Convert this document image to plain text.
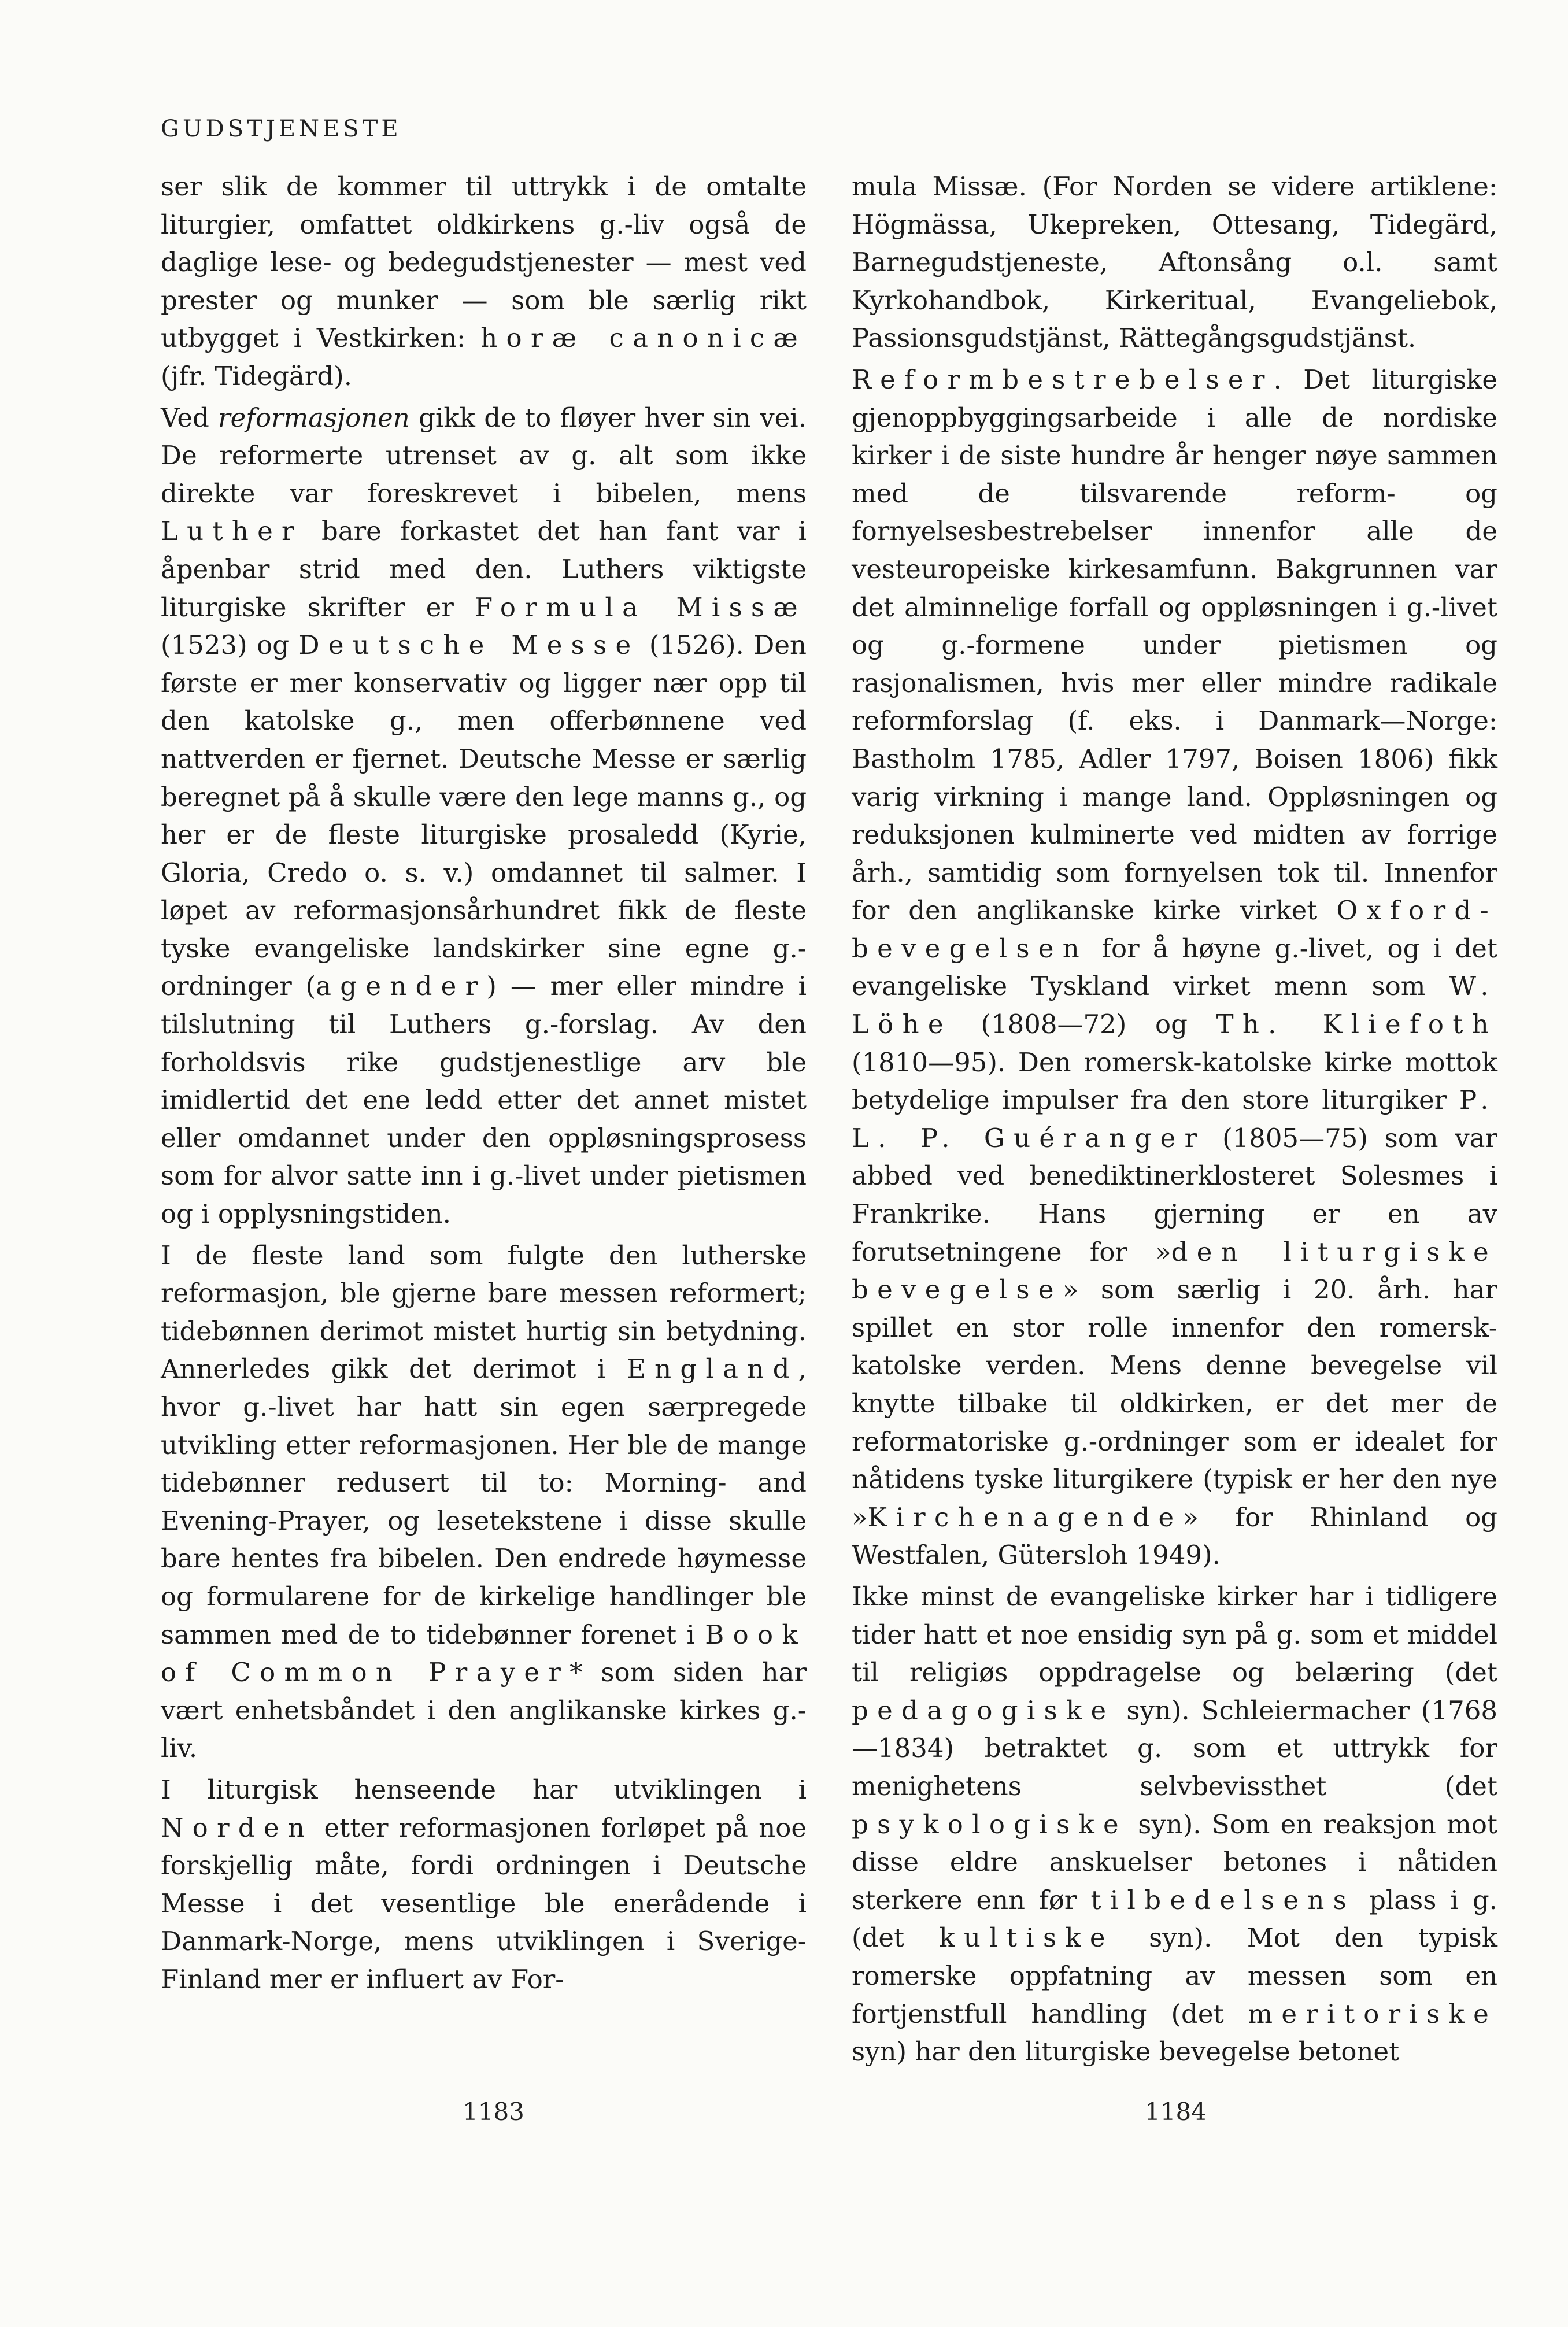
GUDSTJENESTE

ser slik de kommer til uttrykk i de omtalte liturgier, omfattet oldkirkens g.-liv også de daglige lese- og bedegudstjenester — mest ved prester og munker — som ble særlig rikt utbygget i Vestkirken: horæ canonicæ (jfr. Tidegärd).

Ved reformasjonen gikk de to fløyer hver sin vei. De reformerte utrenset av g. alt som ikke direkte var foreskrevet i bibelen, mens Luther bare forkastet det han fant var i åpenbar strid med den. Luthers viktigste liturgiske skrifter er Formula Missæ (1523) og Deutsche Messe (1526). Den første er mer konservativ og ligger nær opp til den katolske g., men offerbønnene ved nattverden er fjernet. Deutsche Messe er særlig beregnet på å skulle være den lege manns g., og her er de fleste liturgiske prosaledd (Kyrie, Gloria, Credo o. s. v.) omdannet til salmer. I løpet av reformasjonsårhundret fikk de fleste tyske evangeliske landskirker sine egne g.-ordninger (agender) — mer eller mindre i tilslutning til Luthers g.-forslag. Av den forholdsvis rike gudstjenestlige arv ble imidlertid det ene ledd etter det annet mistet eller omdannet under den oppløsningsprosess som for alvor satte inn i g.-livet under pietismen og i opplysningstiden.

I de fleste land som fulgte den lutherske reformasjon, ble gjerne bare messen reformert; tidebønnen derimot mistet hurtig sin betydning. Annerledes gikk det derimot i England, hvor g.-livet har hatt sin egen særpregede utvikling etter reformasjonen. Her ble de mange tidebønner redusert til to: Morning- and Evening-Prayer, og lesetekstene i disse skulle bare hentes fra bibelen. Den endrede høymesse og formularene for de kirkelige handlinger ble sammen med de to tidebønner forenet i Book of Common Prayer* som siden har vært enhetsbåndet i den anglikanske kirkes g.-liv.

I liturgisk henseende har utviklingen i Norden etter reformasjonen forløpet på noe forskjellig måte, fordi ordningen i Deutsche Messe i det vesentlige ble enerådende i Danmark-Norge, mens utviklingen i Sverige-Finland mer er influert av For-

mula Missæ. (For Norden se videre artiklene: Högmässa, Ukepreken, Ottesang, Tidegärd, Barnegudstjeneste, Aftonsång o.l. samt Kyrkohandbok, Kirkeritual, Evangeliebok, Passionsgudstjänst, Rättegångsgudstjänst.

Reformbestrebelser. Det liturgiske gjenoppbyggingsarbeide i alle de nordiske kirker i de siste hundre år henger nøye sammen med de tilsvarende reform- og fornyelsesbestrebelser innenfor alle de vesteuropeiske kirkesamfunn. Bakgrunnen var det alminnelige forfall og oppløsningen i g.-livet og g.-formene under pietismen og rasjonalismen, hvis mer eller mindre radikale reformforslag (f. eks. i Danmark—Norge: Bastholm 1785, Adler 1797, Boisen 1806) fikk varig virkning i mange land. Oppløsningen og reduksjonen kulminerte ved midten av forrige årh., samtidig som fornyelsen tok til. Innenfor for den anglikanske kirke virket Oxford-bevegelsen for å høyne g.-livet, og i det evangeliske Tyskland virket menn som W. Löhe (1808—72) og Th. Kliefoth (1810—95). Den romersk-katolske kirke mottok betydelige impulser fra den store liturgiker P. L. P. Guéranger (1805—75) som var abbed ved benediktinerklosteret Solesmes i Frankrike. Hans gjerning er en av forutsetningene for »den liturgiske bevegelse» som særlig i 20. årh. har spillet en stor rolle innenfor den romersk-katolske verden. Mens denne bevegelse vil knytte tilbake til oldkirken, er det mer de reformatoriske g.-ordninger som er idealet for nåtidens tyske liturgikere (typisk er her den nye »Kirchenagende» for Rhinland og Westfalen, Gütersloh 1949).

Ikke minst de evangeliske kirker har i tidligere tider hatt et noe ensidig syn på g. som et middel til religiøs oppdragelse og belæring (det pedagogiske syn). Schleiermacher (1768—1834) betraktet g. som et uttrykk for menighetens selvbevissthet (det psykologiske syn). Som en reaksjon mot disse eldre anskuelser betones i nåtiden sterkere enn før tilbedelsens plass i g. (det kultiske syn). Mot den typisk romerske oppfatning av messen som en fortjenstfull handling (det meritoriske syn) har den liturgiske bevegelse betonet

1183	1184
